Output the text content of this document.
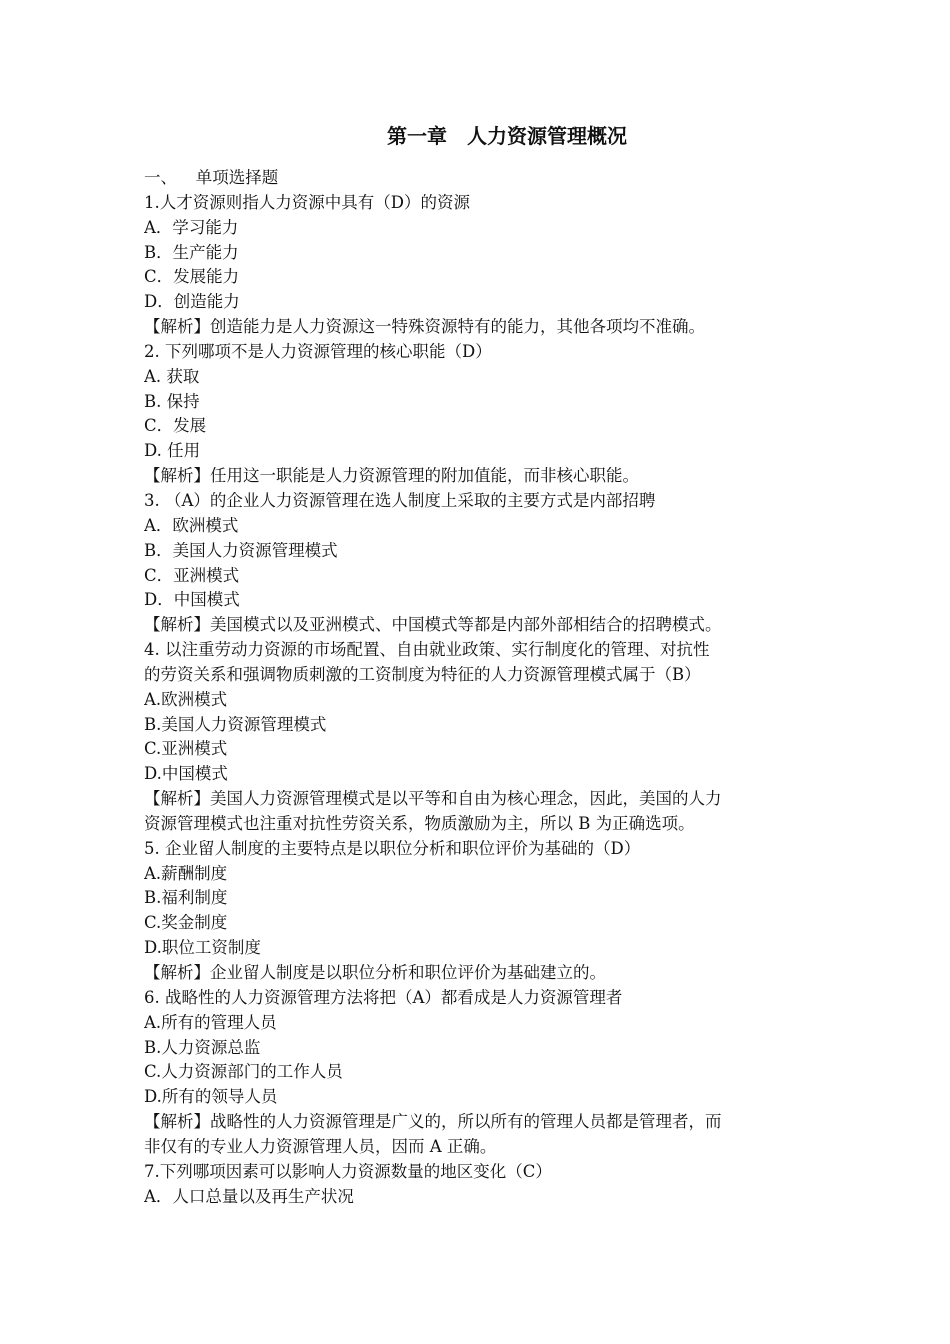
第一章　人力资源管理概况
一、　  单项选择题
1.人才资源则指人力资源中具有（D）的资源
A．学习能力
B．生产能力
C．发展能力
D．创造能力
【解析】创造能力是人力资源这一特殊资源特有的能力，其他各项均不准确。
2. 下列哪项不是人力资源管理的核心职能（D）
A. 获取
B. 保持
C．发展
D. 任用
【解析】任用这一职能是人力资源管理的附加值能，而非核心职能。
3. （A）的企业人力资源管理在选人制度上采取的主要方式是内部招聘
A．欧洲模式
B．美国人力资源管理模式
C．亚洲模式
D．中国模式
【解析】美国模式以及亚洲模式、中国模式等都是内部外部相结合的招聘模式。
4. 以注重劳动力资源的市场配置、自由就业政策、实行制度化的管理、对抗性
的劳资关系和强调物质刺激的工资制度为特征的人力资源管理模式属于（B）
A.欧洲模式
B.美国人力资源管理模式
C.亚洲模式
D.中国模式
【解析】美国人力资源管理模式是以平等和自由为核心理念，因此，美国的人力
资源管理模式也注重对抗性劳资关系，物质激励为主，所以 B 为正确选项。
5. 企业留人制度的主要特点是以职位分析和职位评价为基础的（D）
A.薪酬制度
B.福利制度
C.奖金制度
D.职位工资制度
【解析】企业留人制度是以职位分析和职位评价为基础建立的。
6. 战略性的人力资源管理方法将把（A）都看成是人力资源管理者
A.所有的管理人员
B.人力资源总监
C.人力资源部门的工作人员
D.所有的领导人员
【解析】战略性的人力资源管理是广义的，所以所有的管理人员都是管理者，而
非仅有的专业人力资源管理人员，因而 A 正确。
7.下列哪项因素可以影响人力资源数量的地区变化（C）
A．人口总量以及再生产状况
